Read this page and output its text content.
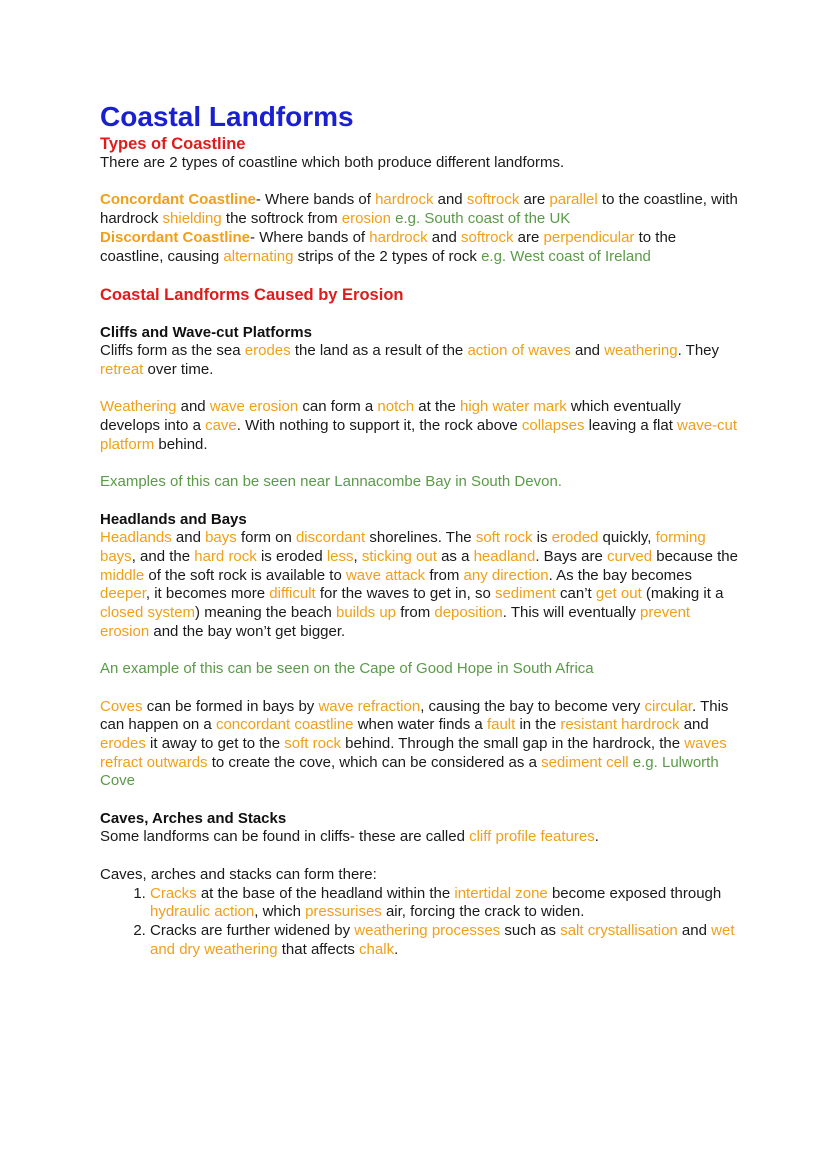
Coastal Landforms
Types of Coastline

There are 2 types of coastline which both produce different landforms.

Concordant Coastline- Where bands of hardrock and softrock are parallel to the coastline, with hardrock shielding the softrock from erosion e.g. South coast of the UK

Discordant Coastline- Where bands of hardrock and softrock are perpendicular to the coastline, causing alternating strips of the 2 types of rock e.g. West coast of Ireland

Coastal Landforms Caused by Erosion
Cliffs and Wave-cut Platforms

Cliffs form as the sea erodes the land as a result of the action of waves and weathering. They retreat over time.

Weathering and wave erosion can form a notch at the high water mark which eventually develops into a cave. With nothing to support it, the rock above collapses leaving a flat wave-cut platform behind.

Examples of this can be seen near Lannacombe Bay in South Devon.

Headlands and Bays

Headlands and bays form on discordant shorelines. The soft rock is eroded quickly, forming bays, and the hard rock is eroded less, sticking out as a headland. Bays are curved because the middle of the soft rock is available to wave attack from any direction. As the bay becomes deeper, it becomes more difficult for the waves to get in, so sediment can’t get out (making it a closed system) meaning the beach builds up from deposition. This will eventually prevent erosion and the bay won’t get bigger.

An example of this can be seen on the Cape of Good Hope in South Africa

Coves can be formed in bays by wave refraction, causing the bay to become very circular. This can happen on a concordant coastline when water finds a fault in the resistant hardrock and erodes it away to get to the soft rock behind. Through the small gap in the hardrock, the waves refract outwards to create the cove, which can be considered as a sediment cell e.g. Lulworth Cove

Caves, Arches and Stacks

Some landforms can be found in cliffs- these are called cliff profile features.

Caves, arches and stacks can form there:

1. Cracks at the base of the headland within the intertidal zone become exposed through hydraulic action, which pressurises air, forcing the crack to widen.
2. Cracks are further widened by weathering processes such as salt crystallisation and wet and dry weathering that affects chalk.
